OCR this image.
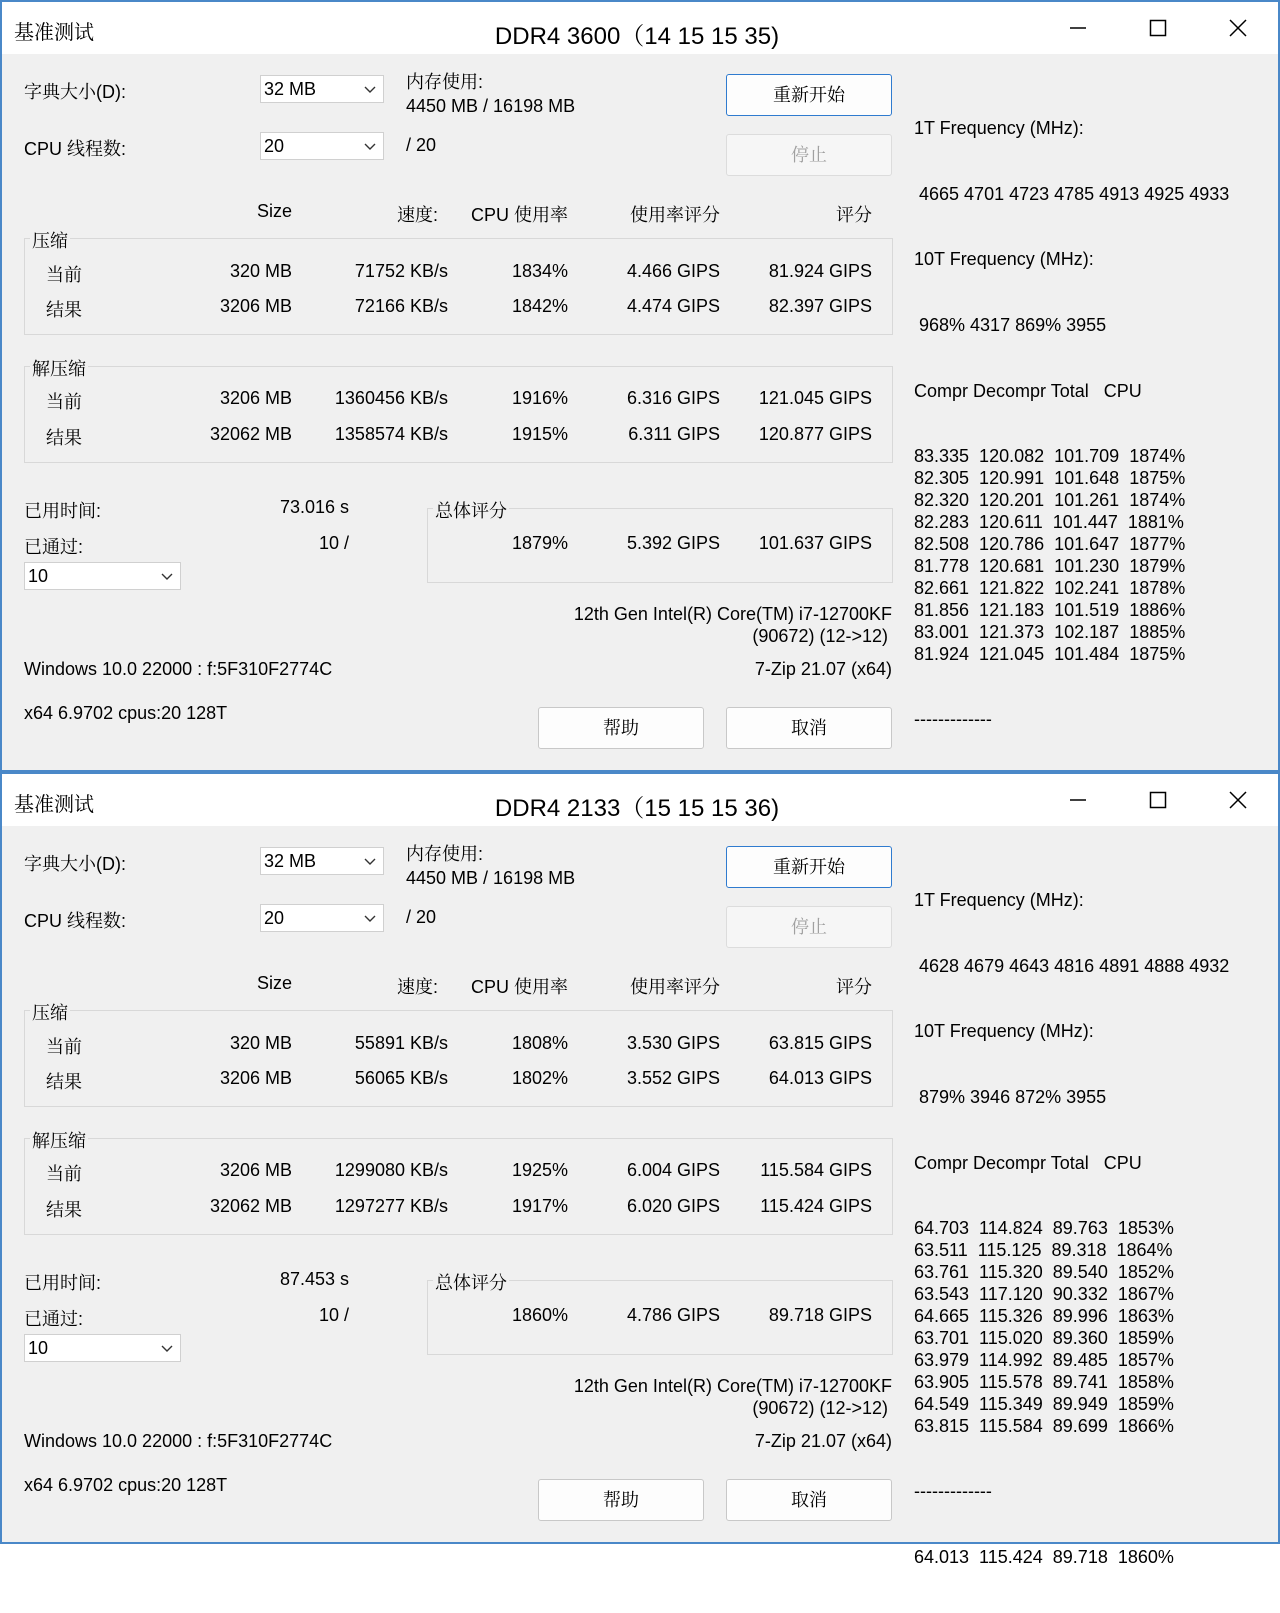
基准测试	DDR4 3600（14 15 15 35)
字典大小(D):	32 MB	内存使用:
4450 MB / 16198 MB
CPU 线程数:	20	/ 20
重新开始
停止
Size	速度:	CPU 使用率	使用率评分	评分
压缩
解压缩
当前	320 MB	71752 KB/s	1834%	4.466 GIPS	81.924 GIPS
结果	3206 MB	72166 KB/s	1842%	4.474 GIPS	82.397 GIPS
当前	3206 MB	1360456 KB/s	1916%	6.316 GIPS	121.045 GIPS
结果	32062 MB	1358574 KB/s	1915%	6.311 GIPS	120.877 GIPS
已用时间:	73.016 s
已通过:	10 /
10
总体评分
1879%	5.392 GIPS	101.637 GIPS
12th Gen Intel(R) Core(TM) i7-12700KF
(90672) (12->12)
Windows 10.0 22000 : f:5F310F2774C	7-Zip 21.07 (x64)
x64 6.9702 cpus:20 128T
帮助	取消

1T Frequency (MHz):

4665 4701 4723 4785 4913 4925 4933

10T Frequency (MHz):

968% 4317 869% 3955

Compr Decompr Total   CPU

83.335  120.082  101.709  1874%
82.305  120.991  101.648  1875%
82.320  120.201  101.261  1874%
82.283  120.611  101.447  1881%
82.508  120.786  101.647  1877%
81.778  120.681  101.230  1879%
82.661  121.822  102.241  1878%
81.856  121.183  101.519  1886%
83.001  121.373  102.187  1885%
81.924  121.045  101.484  1875%

-------------

基准测试	DDR4 2133（15 15 15 36)
字典大小(D):	32 MB	内存使用:
4450 MB / 16198 MB
CPU 线程数:	20	/ 20
重新开始
停止
Size	速度:	CPU 使用率	使用率评分	评分
压缩
解压缩
当前	320 MB	55891 KB/s	1808%	3.530 GIPS	63.815 GIPS
结果	3206 MB	56065 KB/s	1802%	3.552 GIPS	64.013 GIPS
当前	3206 MB	1299080 KB/s	1925%	6.004 GIPS	115.584 GIPS
结果	32062 MB	1297277 KB/s	1917%	6.020 GIPS	115.424 GIPS
已用时间:	87.453 s
已通过:	10 /
10
总体评分
1860%	4.786 GIPS	89.718 GIPS
12th Gen Intel(R) Core(TM) i7-12700KF
(90672) (12->12)
Windows 10.0 22000 : f:5F310F2774C	7-Zip 21.07 (x64)
x64 6.9702 cpus:20 128T
帮助	取消

1T Frequency (MHz):

4628 4679 4643 4816 4891 4888 4932

10T Frequency (MHz):

879% 3946 872% 3955

Compr Decompr Total   CPU

64.703  114.824  89.763  1853%
63.511  115.125  89.318  1864%
63.761  115.320  89.540  1852%
63.543  117.120  90.332  1867%
64.665  115.326  89.996  1863%
63.701  115.020  89.360  1859%
63.979  114.992  89.485  1857%
63.905  115.578  89.741  1858%
64.549  115.349  89.949  1859%
63.815  115.584  89.699  1866%

-------------

64.013  115.424  89.718  1860%
